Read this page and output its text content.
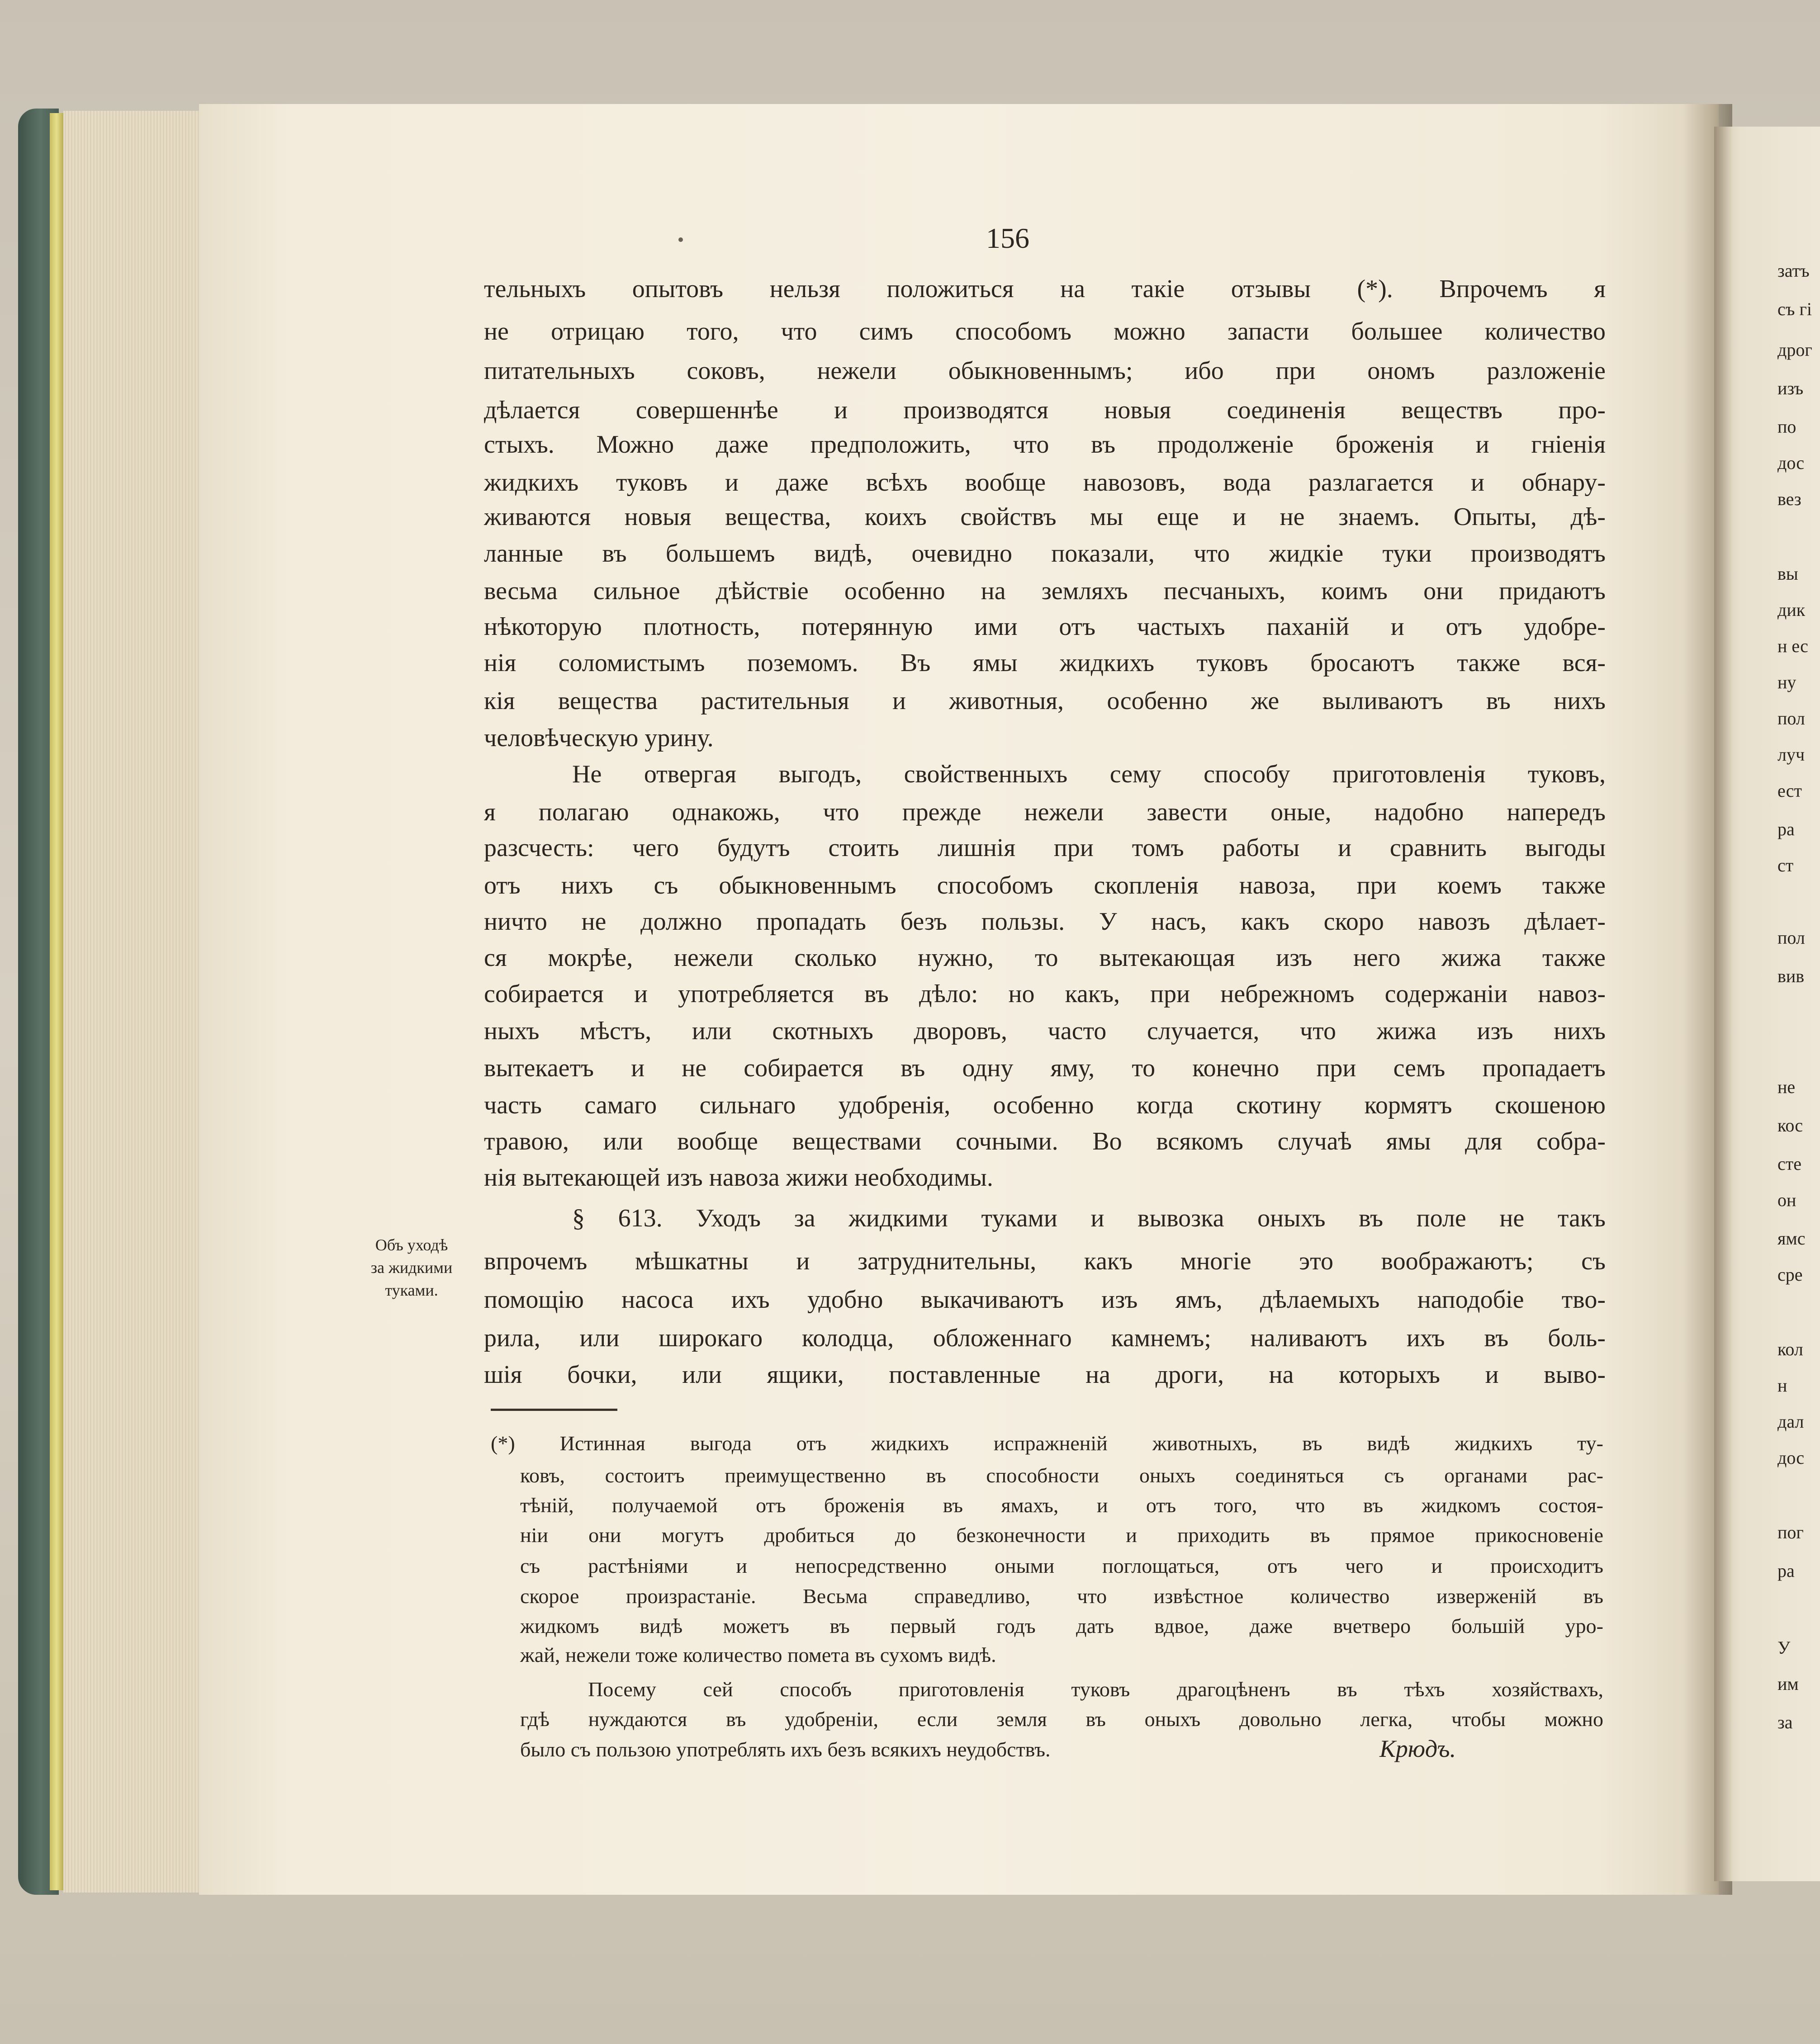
156
тельныхъ опытовъ нельзя положиться на такіе отзывы (*). Впрочемъ я
не отрицаю того, что симъ способомъ можно запасти большее количество
питательныхъ соковъ, нежели обыкновеннымъ; ибо при ономъ разложеніе
дѣлается совершеннѣе и производятся новыя соединенія веществъ про-
стыхъ. Можно даже предположить, что въ продолженіе броженія и гніенія
жидкихъ туковъ и даже всѣхъ вообще навозовъ, вода разлагается и обнару-
живаются новыя вещества, коихъ свойствъ мы еще и не знаемъ. Опыты, дѣ-
ланные въ большемъ видѣ, очевидно показали, что жидкіе туки производятъ
весьма сильное дѣйствіе особенно на земляхъ песчаныхъ, коимъ они придаютъ
нѣкоторую плотность, потерянную ими отъ частыхъ паханій и отъ удобре-
нія соломистымъ поземомъ. Въ ямы жидкихъ туковъ бросаютъ также вся-
кія вещества растительныя и животныя, особенно же выливаютъ въ нихъ
человѣческую урину.
Не отвергая выгодъ, свойственныхъ сему способу приготовленія туковъ,
я полагаю однакожь, что прежде нежели завести оные, надобно напередъ
разсчесть: чего будутъ стоить лишнія при томъ работы и сравнить выгоды
отъ нихъ съ обыкновеннымъ способомъ скопленія навоза, при коемъ также
ничто не должно пропадать безъ пользы. У насъ, какъ скоро навозъ дѣлает-
ся мокрѣе, нежели сколько нужно, то вытекающая изъ него жижа также
собирается и употребляется въ дѣло: но какъ, при небрежномъ содержаніи навоз-
ныхъ мѣстъ, или скотныхъ дворовъ, часто случается, что жижа изъ нихъ
вытекаетъ и не собирается въ одну яму, то конечно при семъ пропадаетъ
часть самаго сильнаго удобренія, особенно когда скотину кормятъ скошеною
травою, или вообще веществами сочными. Во всякомъ случаѣ ямы для собра-
нія вытекающей изъ навоза жижи необходимы.
Объ уходѣ
за жидкими
туками.
§ 613. Уходъ за жидкими туками и вывозка оныхъ въ поле не такъ
впрочемъ мѣшкатны и затруднительны, какъ многіе это воображаютъ; съ
помощію насоса ихъ удобно выкачиваютъ изъ ямъ, дѣлаемыхъ наподобіе тво-
рила, или широкаго колодца, обложеннаго камнемъ; наливаютъ ихъ въ боль-
шія бочки, или ящики, поставленные на дроги, на которыхъ и выво-
(*) Истинная выгода отъ жидкихъ испражненій животныхъ, въ видѣ жидкихъ ту-
ковъ, состоитъ преимущественно въ способности оныхъ соединяться съ органами рас-
тѣній, получаемой отъ броженія въ ямахъ, и отъ того, что въ жидкомъ состоя-
ніи они могутъ дробиться до безконечности и приходить въ прямое прикосновеніе
съ растѣніями и непосредственно оными поглощаться, отъ чего и происходитъ
скорое произрастаніе. Весьма справедливо, что извѣстное количество изверженій въ
жидкомъ видѣ можетъ въ первый годъ дать вдвое, даже вчетверо большій уро-
жай, нежели тоже количество помета въ сухомъ видѣ.
Посему сей способъ приготовленія туковъ драгоцѣненъ въ тѣхъ хозяйствахъ,
гдѣ нуждаются въ удобреніи, если земля въ оныхъ довольно легка, чтобы можно
было съ пользою употреблять ихъ безъ всякихъ неудобствъ.	Крюдъ.
затъ
съ гі
дрог
изъ
по
дос
вез
вы
дик
н ес
ну
пол
луч
ест
ра
ст
пол
вив
не
кос
сте
он
ямс
сре
кол
н
дал
дос
пог
ра
У
им
за
